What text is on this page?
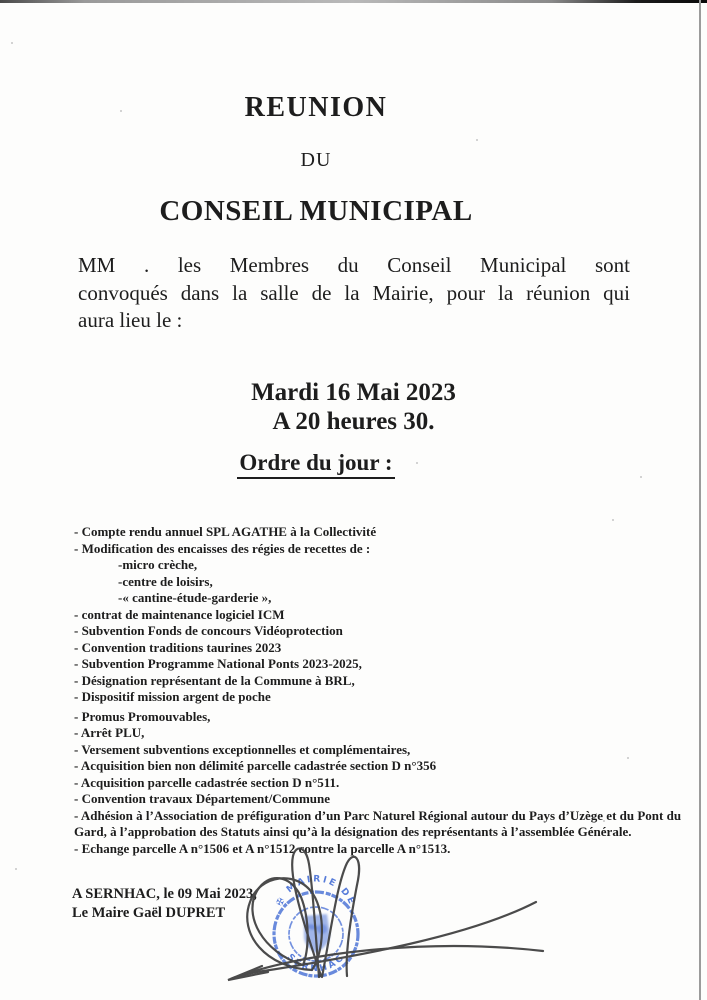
REUNION
DU
CONSEIL MUNICIPAL
MM . les Membres du Conseil Municipal sont
convoqués dans la salle de la Mairie, pour la réunion qui
aura lieu le :
Mardi 16 Mai 2023
A 20 heures 30.
Ordre du jour :
- Compte rendu annuel SPL AGATHE à la Collectivité
- Modification des encaisses des régies de recettes de :
-micro crèche,
-centre de loisirs,
-« cantine-étude-garderie »,
- contrat de maintenance logiciel ICM
- Subvention Fonds de concours Vidéoprotection
- Convention traditions taurines 2023
- Subvention Programme National Ponts 2023-2025,
- Désignation représentant de la Commune à BRL,
- Dispositif mission argent de poche
- Promus Promouvables,
- Arrêt PLU,
- Versement subventions exceptionnelles et complémentaires,
- Acquisition bien non délimité parcelle cadastrée section D n°356
- Acquisition parcelle cadastrée section D n°511.
- Convention travaux Département/Commune
- Adhésion à l’Association de préfiguration d’un Parc Naturel Régional autour du Pays d’Uzège et du Pont du Gard, à l’approbation des Statuts ainsi qu’à la désignation des représentants à l’assemblée Générale.
- Echange parcelle A n°1506 et A n°1512 contre la parcelle A n°1513.
A SERNHAC, le 09 Mai 2023,
Le Maire Gaël DUPRET
✠ MAIRIE DE
SERNHAC
